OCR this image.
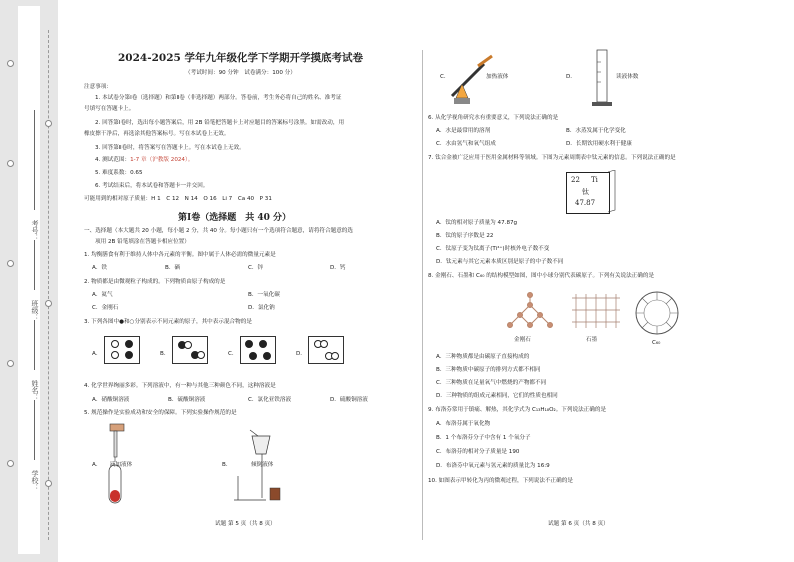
考号：
班级：
姓名：
学校：
2024-2025 学年九年级化学下学期开学摸底考试卷
（考试时间：90 分钟　试卷满分：100 分）
注意事项：
1. 本试卷分第Ⅰ卷（选择题）和第Ⅱ卷（非选择题）两部分。答卷前，考生务必将自己的姓名、准考证
号填写在答题卡上。
2. 回答第Ⅰ卷时，选出每小题答案后，用 2B 铅笔把答题卡上对应题目的答案标号涂黑。如需改动，用
橡皮擦干净后，再选涂其他答案标号。写在本试卷上无效。
3. 回答第Ⅱ卷时，将答案写在答题卡上。写在本试卷上无效。
4. 测试范围：1-7 章（沪教版 2024）。
5. 难度系数：0.65
6. 考试结束后，将本试卷和答题卡一并交回。
可能用到的相对原子质量：H 1　C 12　N 14　O 16　Li 7　Ca 40　P 31
第Ⅰ卷（选择题　共 40 分）
一、选择题（本大题共 20 小题，每小题 2 分，共 40 分。每小题只有一个选项符合题意，请将符合题意的选
项用 2B 铅笔填涂在答题卡相应位置）
1. 均衡膳食有利于维持人体中各元素的平衡。图中属于人体必需的微量元素是
A．铁	B．硒	C．锌	D．钙
2. 物质都是由微观粒子构成的。下列物质由原子构成的是
A．氦气	B．一氧化碳
C．金刚石	D．氯化钠
3. 下列各图中●和○分别表示不同元素的原子，其中表示混合物的是
A．	B．	C．	D．
4. 化学世界绚丽多彩。下列溶液中，有一种与其他三种颜色不同，这种溶液是
A．硝酸铜溶液	B．硫酸铜溶液	C．氯化亚铁溶液	D．硫酸铜溶液
5. 规范操作是实验成功和安全的保障。下列实验操作规范的是
A．　　滴加液体	B．　　　　倾倒液体
试题 第 5 页（共 8 页）
C．	加热液体	D．	读液体数
6. 从化学视角研究水有重要意义，下列说法正确的是
A．水是最常用的溶剂	B．水蒸发属于化学变化
C．水由氢气和氧气组成	D．长期饮用硬水利于健康
7. 钛合金被广泛应用于医用金属材料等领域。下图为元素周期表中钛元素的信息。下列说法正确的是
22 Ti
钛
47.87
A．钛的相对原子质量为 47.87g
B．钛的原子序数是 22
C．钛原子变为钛离子(Ti⁴⁺)时核外电子数不变
D．钛元素与其它元素本质区别是原子的中子数不同
8. 金刚石、石墨和 C₆₀ 的结构模型如图，图中小球分别代表碳原子。下列有关说法正确的是
金刚石	石墨	C₆₀
A．三种物质都是由碳原子直接构成的
B．三种物质中碳原子的排列方式都不相同
C．三种物质在足量氧气中燃烧的产物都不同
D．三种物质的组成元素相同，它们的性质也相同
9. 布洛芬常用于镇痛、解热，其化学式为 C₁₃H₁₈O₂。下列说法正确的是
A．布洛芬属于氧化物
B．1 个布洛芬分子中含有 1 个氧分子
C．布洛芬的相对分子质量是 190
D．布洛芬中氧元素与氢元素的质量比为 16:9
10. 如图表示甲转化为丙的微观过程，下列说法不正确的是
试题 第 6 页（共 8 页）
